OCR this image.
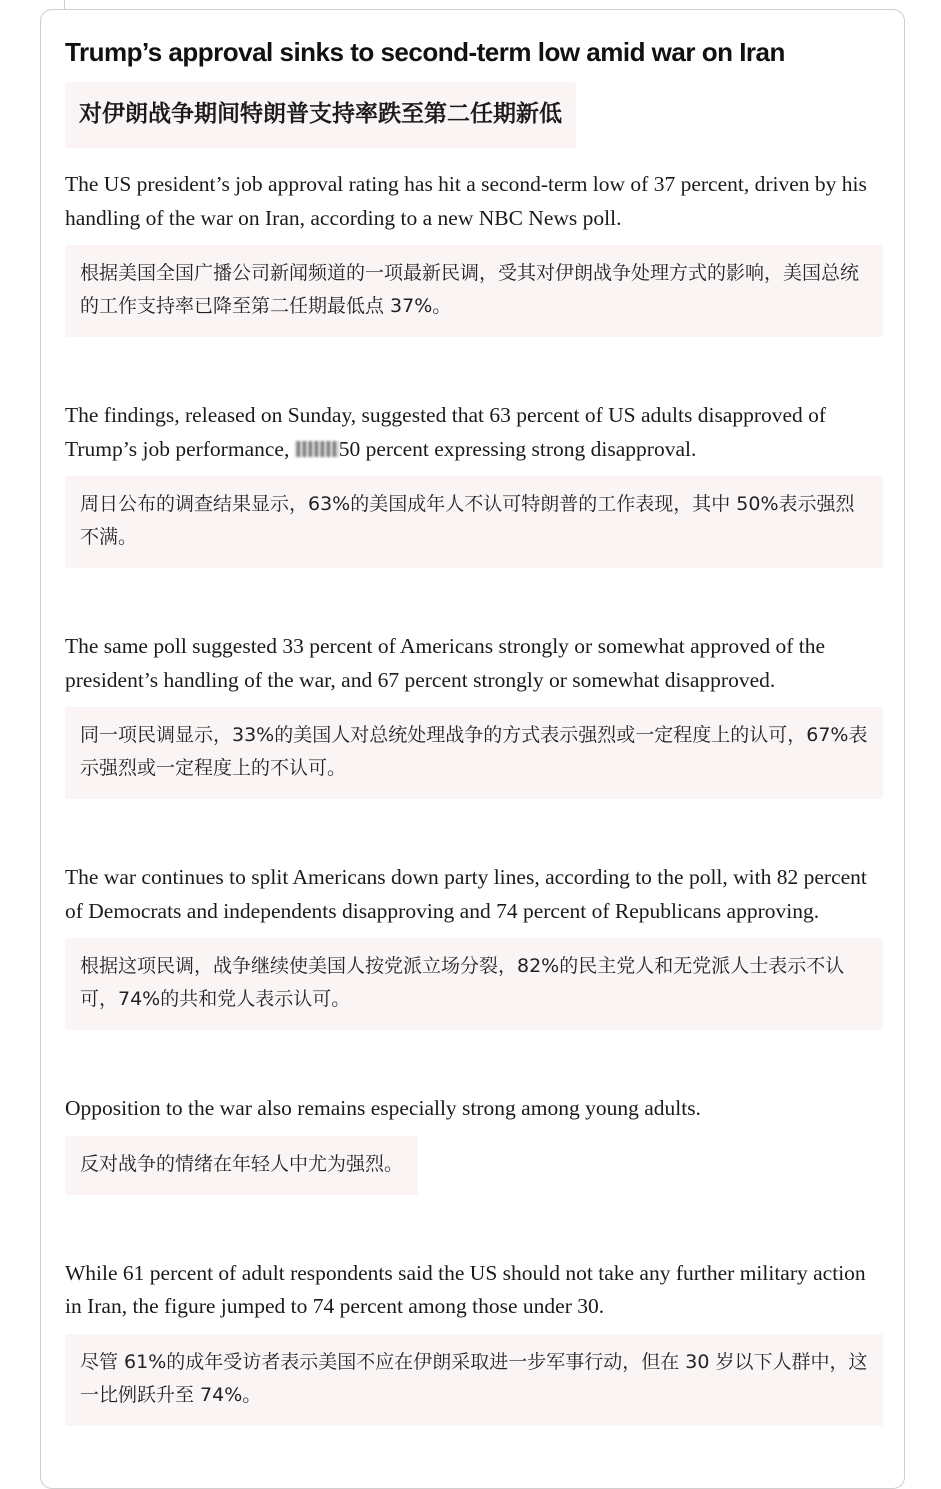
Trump’s approval sinks to second-term low amid war on Iran
对伊朗战争期间特朗普支持率跌至第二任期新低
The US president’s job approval rating has hit a second-term low of 37 percent, driven by his handling of the war on Iran, according to a new NBC News poll.
根据美国全国广播公司新闻频道的一项最新民调，受其对伊朗战争处理方式的影响，美国总统的工作支持率已降至第二任期最低点 37%。
The findings, released on Sunday, suggested that 63 percent of US adults disapproved of Trump’s job performance, 50 percent expressing strong disapproval.
周日公布的调查结果显示，63%的美国成年人不认可特朗普的工作表现，其中 50%表示强烈不满。
The same poll suggested 33 percent of Americans strongly or somewhat approved of the president’s handling of the war, and 67 percent strongly or somewhat disapproved.
同一项民调显示，33%的美国人对总统处理战争的方式表示强烈或一定程度上的认可，67%表示强烈或一定程度上的不认可。
The war continues to split Americans down party lines, according to the poll, with 82 percent of Democrats and independents disapproving and 74 percent of Republicans approving.
根据这项民调，战争继续使美国人按党派立场分裂，82%的民主党人和无党派人士表示不认可，74%的共和党人表示认可。
Opposition to the war also remains especially strong among young adults.
反对战争的情绪在年轻人中尤为强烈。
While 61 percent of adult respondents said the US should not take any further military action in Iran, the figure jumped to 74 percent among those under 30.
尽管 61%的成年受访者表示美国不应在伊朗采取进一步军事行动，但在 30 岁以下人群中，这一比例跃升至 74%。
